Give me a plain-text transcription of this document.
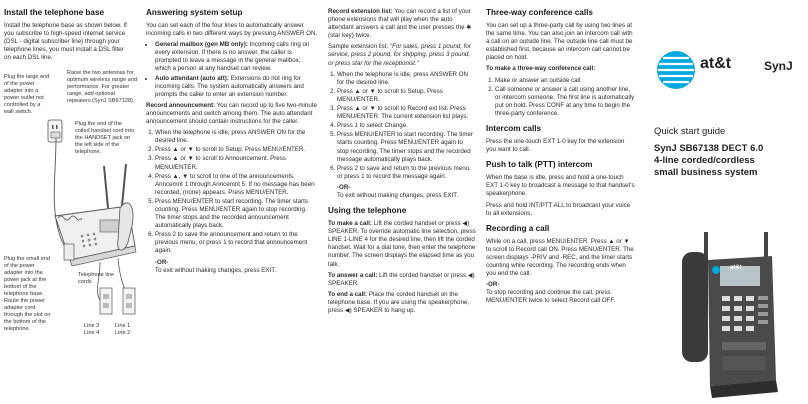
Install the telephone base

Install the telephone base as shown below. If you subscribe to high-speed internet service (DSL - digital subscriber line) through your telephone lines, you must install a DSL filter on each DSL line.

Plug the large end of the power adapter into a power outlet not controlled by a wall switch.
Raise the two antennas for optimum wireless range and performance. For greater range, add optional repeaters (SynJ SB67128).
Plug the end of the coiled handset cord into the HANDSET jack on the left side of the telephone.
Plug the small end of the power adapter into the power jack at the bottom of the telephone base. Route the power adapter cord through the slot on the bottom of the telephone.
Telephone line cords
Line 3
Line 4
Line 1
Line 2
Answering system setup

You can set each of the four lines to automatically answer incoming calls in two different ways by pressing ANSWER ON.

• General mailbox (gen MB only): Incoming calls ring on every extension. If there is no answer, the caller is prompted to leave a message in the general mailbox, which a person at any handset can review.
• Auto attendant (auto att): Extensions do not ring for incoming calls. The system automatically answers and prompts the caller to enter an extension number.

Record announcement: You can record up to five two-minute announcements and switch among them. The auto attendant announcement should contain instructions for the caller.

1. When the telephone is idle, press ANSWER ON for the desired line.
2. Press ▲ or ▼ to scroll to Setup. Press MENU/ENTER.
3. Press ▲ or ▼ to scroll to Announcement. Press MENU/ENTER.
4. Press ▲, ▼ to scroll to one of the announcements, Anncemnt 1 through Anncemnt 5. If no message has been recorded, (none) appears. Press MENU/ENTER.
5. Press MENU/ENTER to start recording. The timer starts counting. Press MENU/ENTER again to stop recording. The timer stops and the recorded announcement automatically plays back.
6. Press 2 to save the announcement and return to the previous menu, or press 1 to record that announcement again.

-OR-

To exit without making changes, press EXIT.

Record extension list: You can record a list of your phone extensions that will play when the auto attendant answers a call and the user presses the ✱ (star key) twice.

Sample extension list: "For sales, press 1 pound, for service, press 2 pound, for shipping, press 3 pound, or press star for the receptionist."

1. When the telephone is idle, press ANSWER ON for the desired line.
2. Press ▲ or ▼ to scroll to Setup. Press MENU/ENTER.
3. Press ▲ or ▼ to scroll to Record ext list. Press MENU/ENTER. The current extension list plays.
4. Press 1 to select Change.
5. Press MENU/ENTER to start recording. The timer starts counting. Press MENU/ENTER again to stop recording. The timer stops and the recorded message automatically plays back.
6. Press 2 to save and return to the previous menu, or press 1 to record the message again.

-OR-

To exit without making changes, press EXIT.

Using the telephone

To make a call: Lift the corded handset or press ◀) SPEAKER. To override automatic line selection, press LINE 1-LINE 4 for the desired line, then lift the corded handset. Wait for a dial tone, then enter the telephone number. The screen displays the elapsed time as you talk.

To answer a call: Lift the corded handset or press ◀) SPEAKER.

To end a call: Place the corded handset on the telephone base. If you are using the speakerphone, press ◀) SPEAKER to hang up.

Three-way conference calls

You can set up a three-party call by using two lines at the same time. You can also join an intercom call with a call on an outside line. The outside line call must be established first, because an intercom call cannot be placed on hold.

To make a three-way conference call:

1. Make or answer an outside call.
2. Call someone or answer a call using another line, or intercom someone. The first line is automatically put on hold. Press CONF at any time to begin the three-party conference.
Intercom calls

Press the one-touch EXT 1-0 key for the extension you want to call.

Push to talk (PTT) intercom

When the base is idle, press and hold a one-touch EXT 1-0 key to broadcast a message to that handset's speakerphone.

Press and hold INT/PTT ALL to broadcast your voice to all extensions.

Recording a call

While on a call, press MENU/ENTER. Press ▲ or ▼ to scroll to Record call ON. Press MENU/ENTER. The screen displays -PRIV and -REC, and the timer starts counting while recording. The recording ends when you end the call.

-OR-

To stop recording and continue the call, press MENU/ENTER twice to select Record call OFF.

at&t	SynJ
Quick start guide
SynJ SB67138 DECT 6.0
4-line corded/cordless
small business system
at&t
